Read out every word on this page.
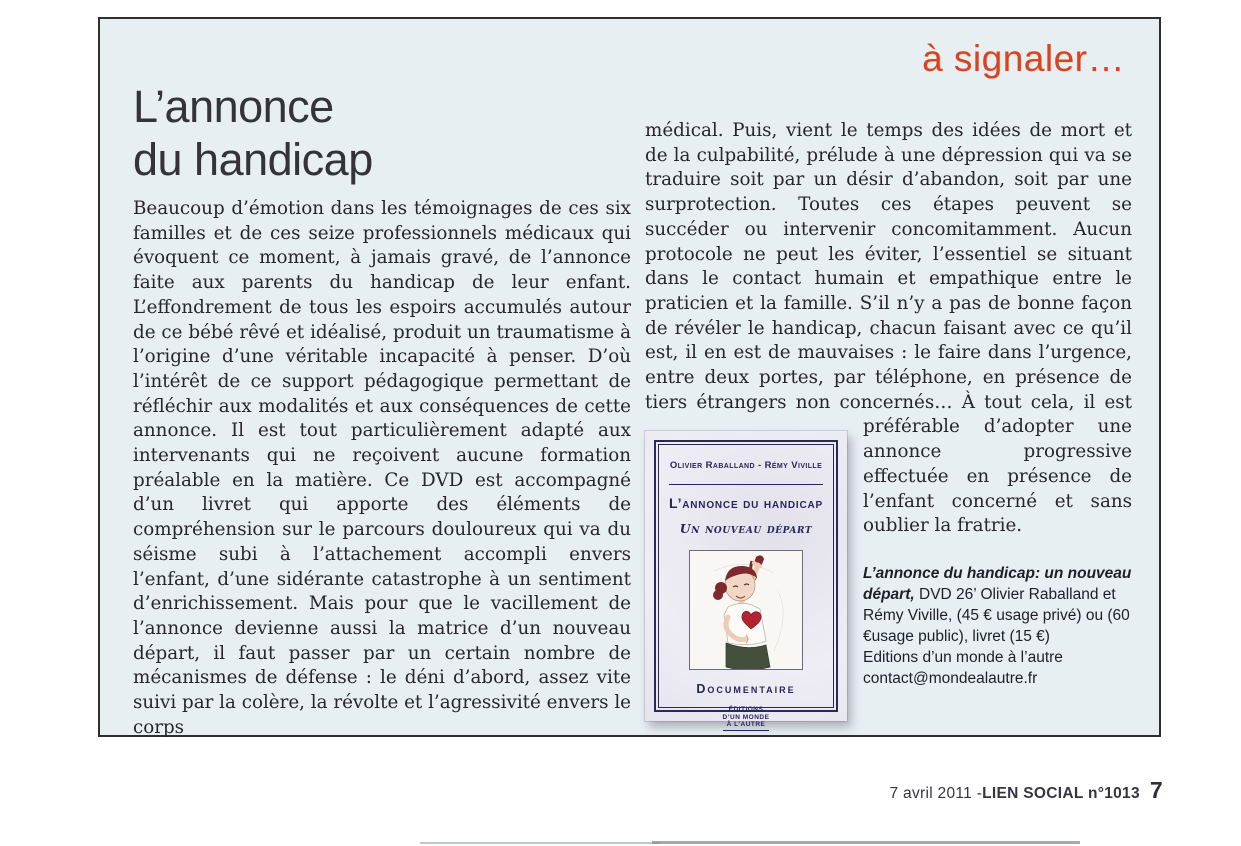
à signaler…
L’annonce
du handicap

Beaucoup d’émotion dans les témoignages de ces six familles et de ces seize professionnels médicaux qui évoquent ce moment, à jamais gravé, de l’annonce faite aux parents du handicap de leur enfant. L’effondrement de tous les espoirs accumulés autour de ce bébé rêvé et idéalisé, produit un traumatisme à l’origine d’une véritable incapacité à penser. D’où l’intérêt de ce support pédagogique permettant de réfléchir aux modalités et aux conséquences de cette annonce. Il est tout particulièrement adapté aux intervenants qui ne reçoivent aucune formation préalable en la matière. Ce DVD est accompagné d’un livret qui apporte des éléments de compréhension sur le parcours douloureux qui va du séisme subi à l’attachement accompli envers l’enfant, d’une sidérante catastrophe à un sentiment d’enrichissement. Mais pour que le vacillement de l’annonce devienne aussi la matrice d’un nouveau départ, il faut passer par un certain nombre de mécanismes de défense : le déni d’abord, assez vite suivi par la colère, la révolte et l’agressivité envers le corps

médical. Puis, vient le temps des idées de mort et de la culpabilité, prélude à une dépression qui va se traduire soit par un désir d’abandon, soit par une surprotection. Toutes ces étapes peuvent se succéder ou intervenir concomitamment. Aucun protocole ne peut les éviter, l’essentiel se situant dans le contact humain et empathique entre le praticien et la famille. S’il n’y a pas de bonne façon de révéler le handicap, chacun faisant avec ce qu’il est, il en est de mauvaises : le faire dans l’urgence, entre deux portes, par téléphone, en présence de tiers étrangers non concernés… À tout
Olivier Raballand - Rémy Viville
L’annonce du handicap
Un nouveau départ
Documentaire
ÉDITIONS
D’UN MONDE
À L’AUTRE
cela, il est préférable d’adopter une annonce progressive effectuée en présence de l’enfant concerné et sans oublier la fratrie.

L’annonce du handicap: un nouveau départ, DVD 26’ Olivier Raballand et Rémy Viville, (45 € usage privé) ou (60 €usage public), livret (15 €)
Editions d’un monde à l’autre
contact@mondealautre.fr
7 avril 2011 - LIEN SOCIAL n°1013 7
